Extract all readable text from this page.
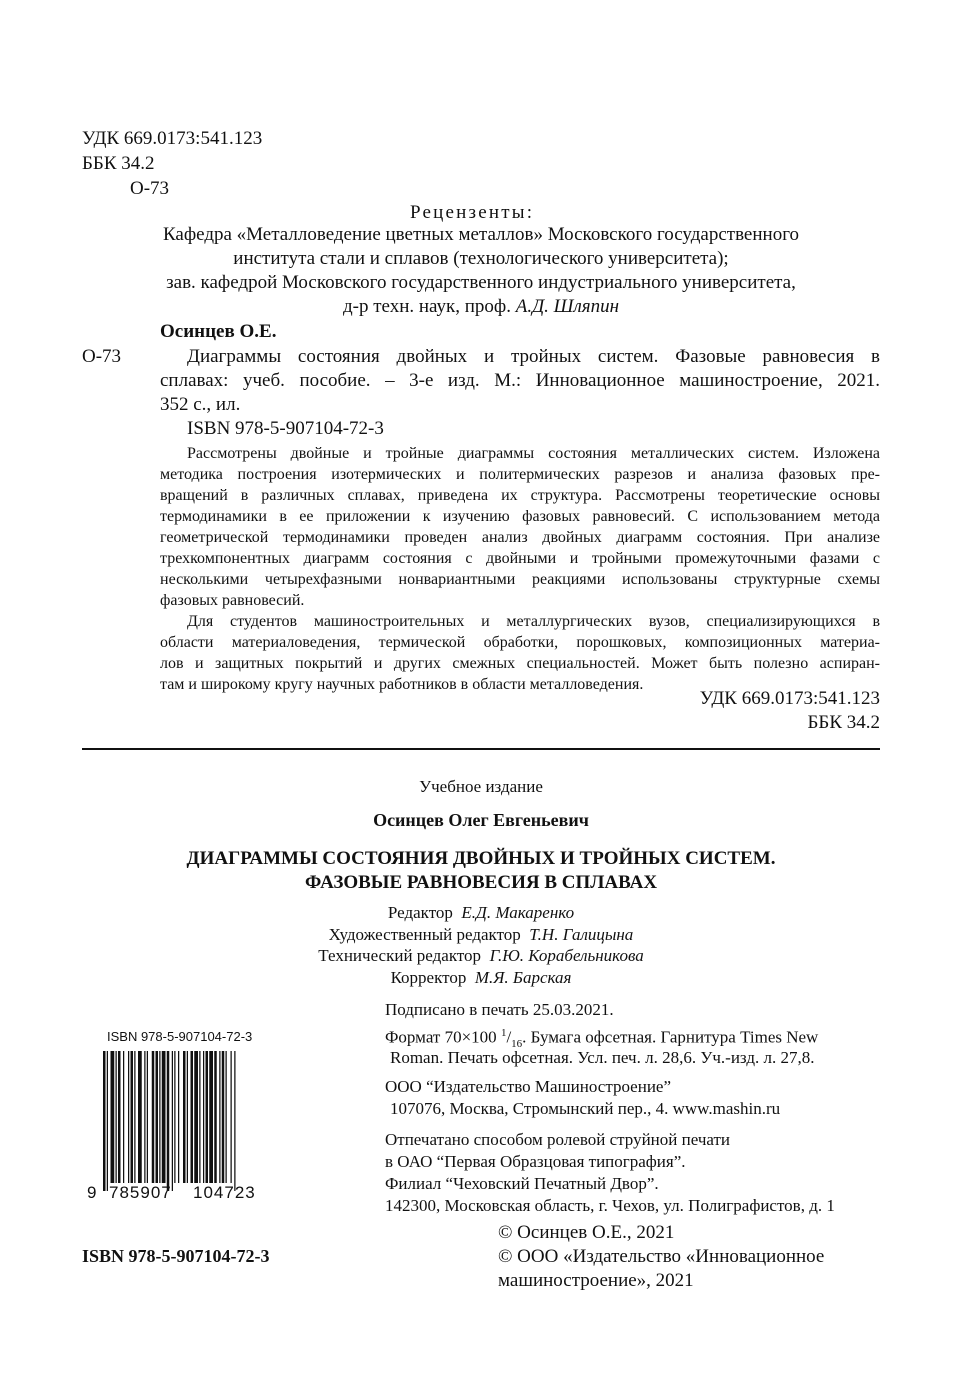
УДК 669.0173:541.123
ББК 34.2
О-73
Рецензенты:
Кафедра «Металловедение цветных металлов» Московского государственного
института стали и сплавов (технологического университета);
зав. кафедрой Московского государственного индустриального университета,
д-р техн. наук, проф. А.Д. Шляпин
Осинцев О.Е.
О-73	Диаграммы состояния двойных и тройных систем. Фазовые равновесия в
сплавах: учеб. пособие. – 3-е изд. М.: Инновационное машиностроение, 2021.
352 с., ил.
ISBN 978-5-907104-72-3
Рассмотрены двойные и тройные диаграммы состояния металлических систем. Изложена
методика построения изотермических и политермических разрезов и анализа фазовых пре-
вращений в различных сплавах, приведена их структура. Рассмотрены теоретические основы
термодинамики в ее приложении к изучению фазовых равновесий. С использованием метода
геометрической термодинамики проведен анализ двойных диаграмм состояния. При анализе
трехкомпонентных диаграмм состояния с двойными и тройными промежуточными фазами с
несколькими четырехфазными нонвариантными реакциями использованы структурные схемы
фазовых равновесий.
Для студентов машиностроительных и металлургических вузов, специализирующихся в
области материаловедения, термической обработки, порошковых, композиционных материа-
лов и защитных покрытий и других смежных специальностей. Может быть полезно аспиран-
там и широкому кругу научных работников в области металловедения.
УДК 669.0173:541.123
ББК 34.2
Учебное издание
Осинцев Олег Евгеньевич
ДИАГРАММЫ СОСТОЯНИЯ ДВОЙНЫХ И ТРОЙНЫХ СИСТЕМ.
ФАЗОВЫЕ РАВНОВЕСИЯ В СПЛАВАХ
Редактор Е.Д. Макаренко
Художественный редактор Т.Н. Галицына
Технический редактор Г.Ю. Корабельникова
Корректор М.Я. Барская
Подписано в печать 25.03.2021.
Формат 70×100 $^1/_{16}$. Бумага офсетная. Гарнитура Times New
Roman. Печать офсетная. Усл. печ. л. 28,6. Уч.-изд. л. 27,8.
ООО “Издательство Машиностроение”
107076, Москва, Стромынский пер., 4. www.mashin.ru
Отпечатано способом ролевой струйной печати
в ОАО “Первая Образцовая типография”.
Филиал “Чеховский Печатный Двор”.
142300, Московская область, г. Чехов, ул. Полиграфистов, д. 1
ISBN 978-5-907104-72-3
9 785907 104723
ISBN 978-5-907104-72-3
© Осинцев О.Е., 2021
© ООО «Издательство «Инновационное
машиностроение», 2021
